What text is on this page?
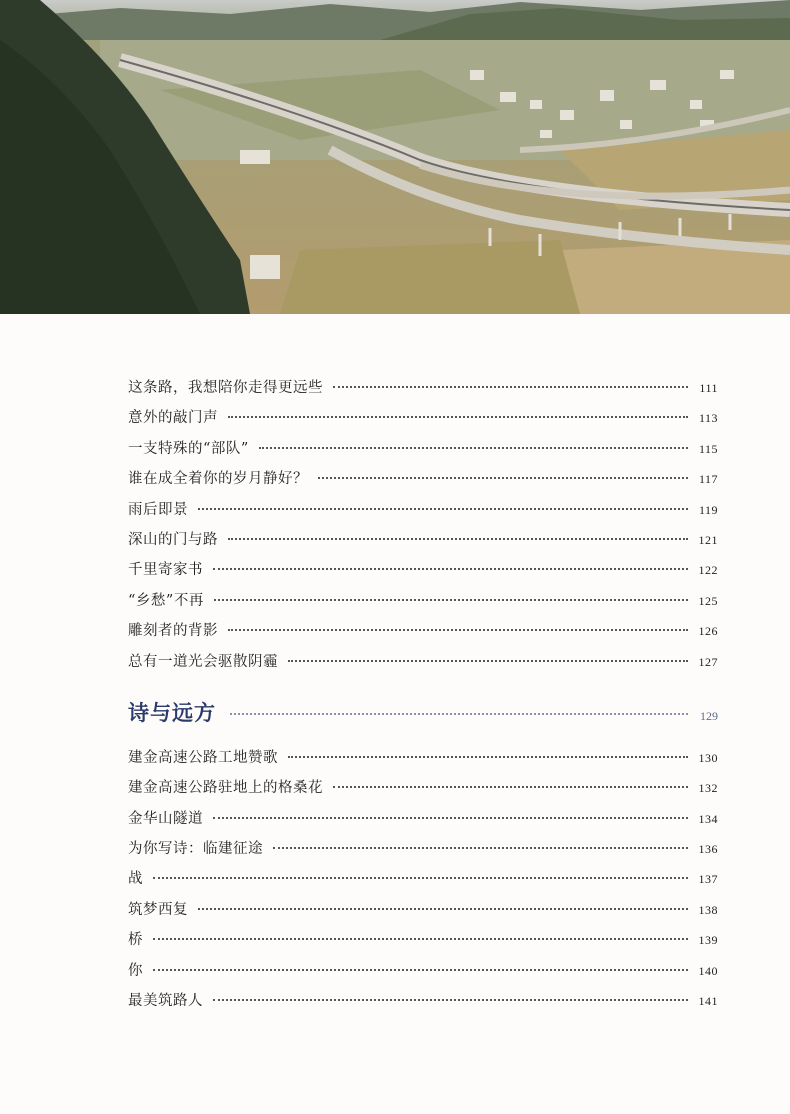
这条路，我想陪你走得更远些	111
意外的敲门声	113
一支特殊的“部队”	115
谁在成全着你的岁月静好？	117
雨后即景	119
深山的门与路	121
千里寄家书	122
“乡愁”不再	125
雕刻者的背影	126
总有一道光会驱散阴霾	127
诗与远方	129
建金高速公路工地赞歌	130
建金高速公路驻地上的格桑花	132
金华山隧道	134
为你写诗：临建征途	136
战	137
筑梦西复	138
桥	139
你	140
最美筑路人	141
